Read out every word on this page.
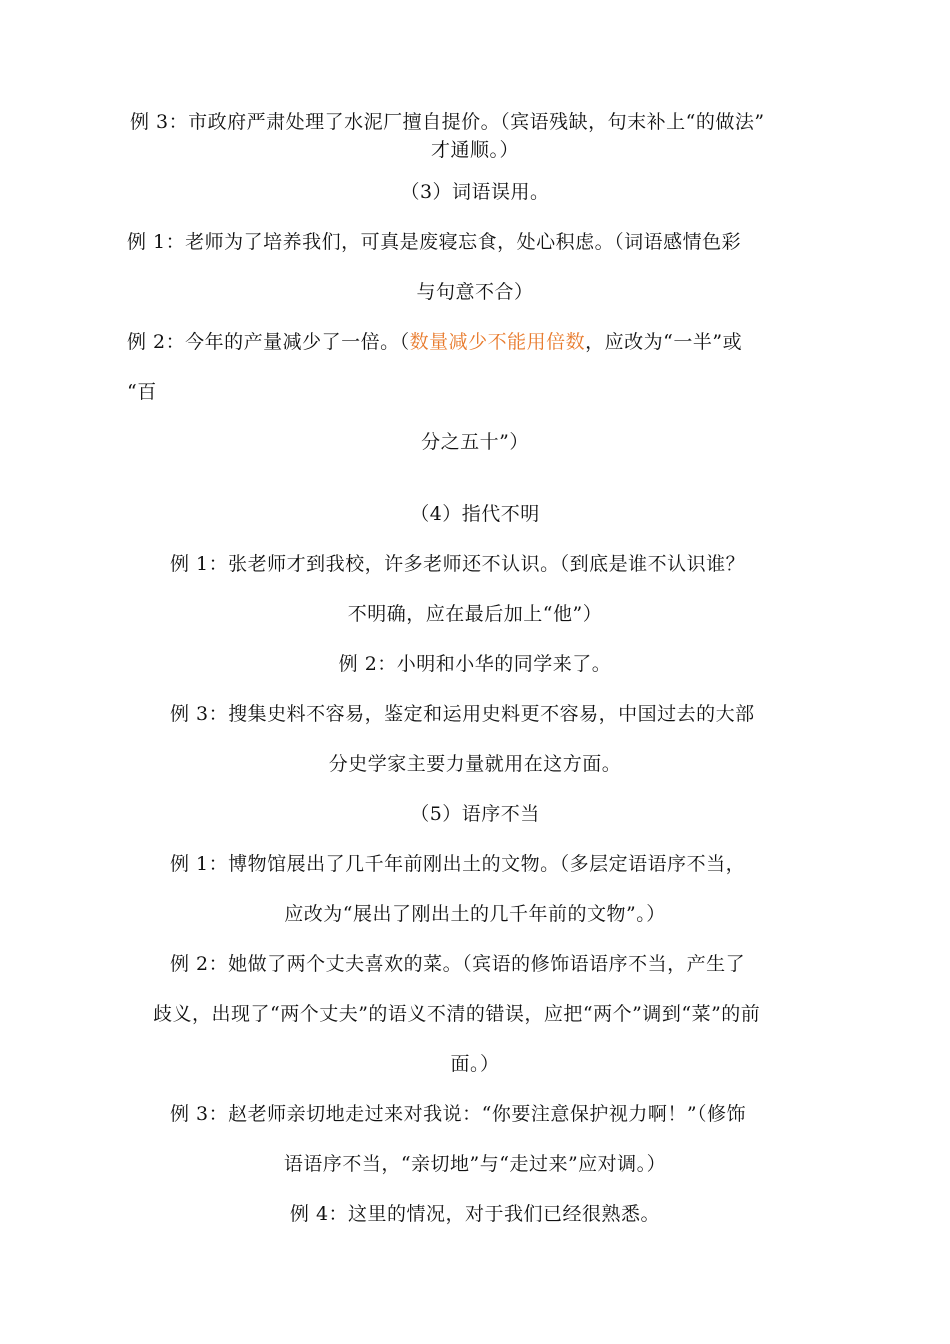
例 3：市政府严肃处理了水泥厂擅自提价。（宾语残缺，句末补上“的做法”
才通顺。）
（3）词语误用。
例 1：老师为了培养我们，可真是废寝忘食，处心积虑。（词语感情色彩
与句意不合）
例 2：今年的产量减少了一倍。（数量减少不能用倍数，应改为“一半”或
“百
分之五十”）
（4）指代不明
例 1：张老师才到我校，许多老师还不认识。（到底是谁不认识谁？
不明确，应在最后加上“他”）
例 2：小明和小华的同学来了。
例 3：搜集史料不容易，鉴定和运用史料更不容易，中国过去的大部
分史学家主要力量就用在这方面。
（5）语序不当
例 1：博物馆展出了几千年前刚出土的文物。（多层定语语序不当，
应改为“展出了刚出土的几千年前的文物”。）
例 2：她做了两个丈夫喜欢的菜。（宾语的修饰语语序不当，产生了
歧义，出现了“两个丈夫”的语义不清的错误，应把“两个”调到“菜”的前
面。）
例 3：赵老师亲切地走过来对我说：“你要注意保护视力啊！”（修饰
语语序不当，“亲切地”与“走过来”应对调。）
例 4：这里的情况，对于我们已经很熟悉。
